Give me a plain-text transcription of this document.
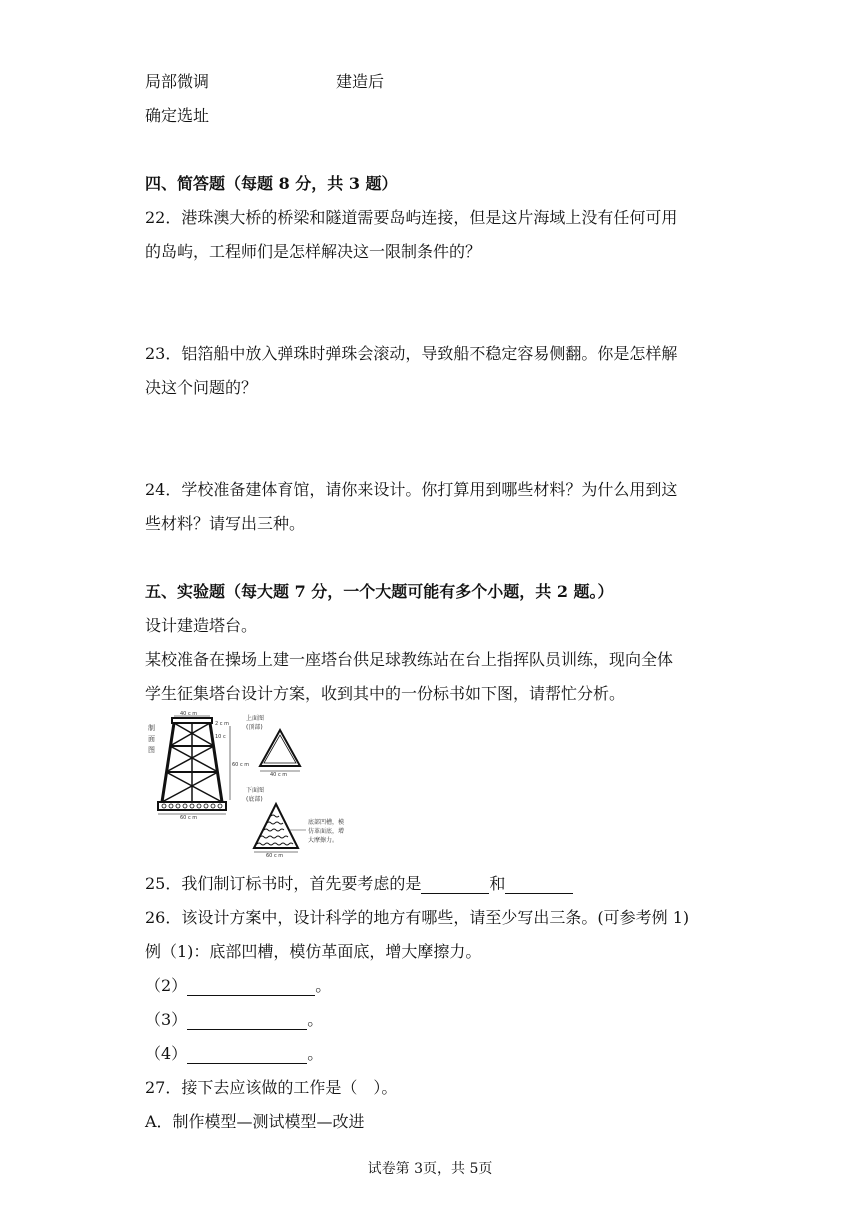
局部微调	建造后
确定选址
四、简答题（每题 8 分，共 3 题）
22．港珠澳大桥的桥梁和隧道需要岛屿连接，但是这片海域上没有任何可用
的岛屿，工程师们是怎样解决这一限制条件的？
23．铝箔船中放入弹珠时弹珠会滚动，导致船不稳定容易侧翻。你是怎样解
决这个问题的？
24．学校准备建体育馆，请你来设计。你打算用到哪些材料？为什么用到这
些材料？请写出三种。
五、实验题（每大题 7 分，一个大题可能有多个小题，共 2 题。）
设计建造塔台。
某校准备在操场上建一座塔台供足球教练站在台上指挥队员训练，现向全体
学生征集塔台设计方案，收到其中的一份标书如下图，请帮忙分析。
制
面
图
40 c m
60 c m
2 c m
10 c
60 c m
上面图
(顶部)
40 c m
下面图
(底部)
60 c m
底部凹槽，模
仿革面底，增
大摩擦力。
25．我们制订标书时，首先要考虑的是	和
26．该设计方案中，设计科学的地方有哪些，请至少写出三条。(可参考例 1)
例（1)：底部凹槽，模仿革面底，增大摩擦力。
（2）	。
（3）	。
（4）	。
27．接下去应该做的工作是（　）。
A．制作模型—测试模型—改进
试卷第 3页，共 5页
